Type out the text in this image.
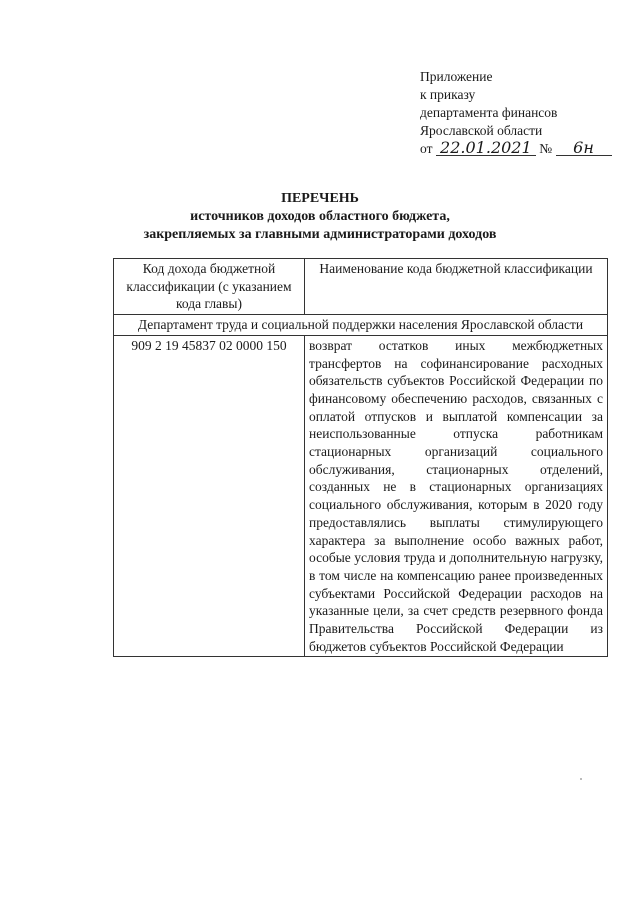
Приложение
к приказу
департамента финансов
Ярославской области
от 22.01.2021 № 6н
ПЕРЕЧЕНЬ
источников доходов областного бюджета,
закрепляемых за главными администраторами доходов
Код дохода бюджетной классификации (с указанием кода главы)	Наименование кода бюджетной классификации
Департамент труда и социальной поддержки населения Ярославской области	
909 2 19 45837 02 0000 150	возврат остатков иных межбюджетных трансфертов на софинансирование расходных обязательств субъектов Российской Федерации по финансовому обеспечению расходов, связанных с оплатой отпусков и выплатой компенсации за неиспользованные отпуска работникам стационарных организаций социального обслуживания, стационарных отделений, созданных не в стационарных организациях социального обслуживания, которым в 2020 году предоставлялись выплаты стимулирующего характера за выполнение особо важных работ, особые условия труда и дополнительную нагрузку, в том числе на компенсацию ранее произведенных субъектами Российской Федерации расходов на указанные цели, за счет средств резервного фонда Правительства Российской Федерации из бюджетов субъектов Российской Федерации
